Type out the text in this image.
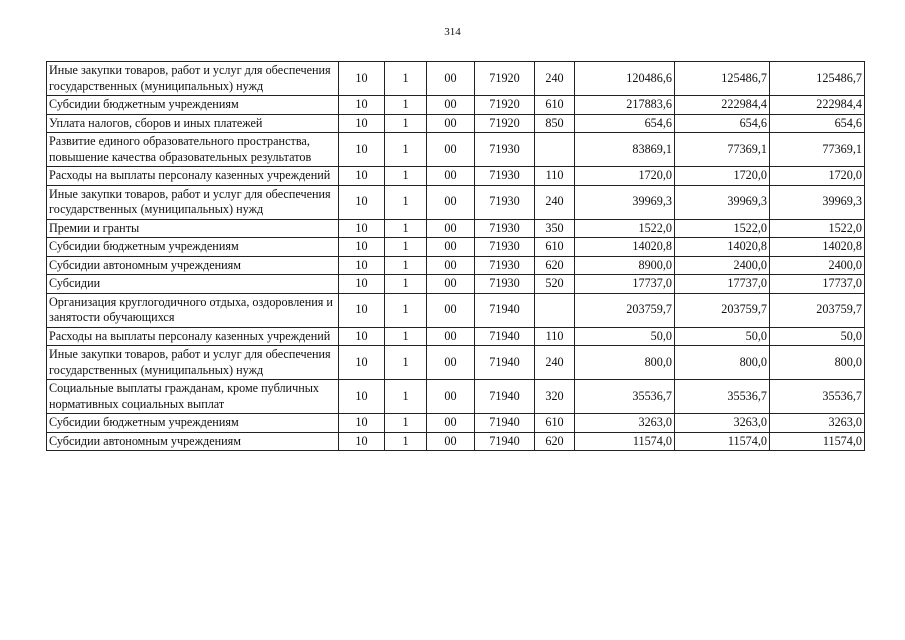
314
Иные закупки товаров, работ и услуг для обеспечения государственных (муниципальных) нужд	10	1	00	71920	240	120486,6	125486,7	125486,7
Субсидии бюджетным учреждениям	10	1	00	71920	610	217883,6	222984,4	222984,4
Уплата налогов, сборов и иных платежей	10	1	00	71920	850	654,6	654,6	654,6
Развитие единого образовательного пространства, повышение качества образовательных результатов	10	1	00	71930		83869,1	77369,1	77369,1
Расходы на выплаты персоналу казенных учреждений	10	1	00	71930	110	1720,0	1720,0	1720,0
Иные закупки товаров, работ и услуг для обеспечения государственных (муниципальных) нужд	10	1	00	71930	240	39969,3	39969,3	39969,3
Премии и гранты	10	1	00	71930	350	1522,0	1522,0	1522,0
Субсидии бюджетным учреждениям	10	1	00	71930	610	14020,8	14020,8	14020,8
Субсидии автономным учреждениям	10	1	00	71930	620	8900,0	2400,0	2400,0
Субсидии	10	1	00	71930	520	17737,0	17737,0	17737,0
Организация круглогодичного отдыха, оздоровления и занятости обучающихся	10	1	00	71940		203759,7	203759,7	203759,7
Расходы на выплаты персоналу казенных учреждений	10	1	00	71940	110	50,0	50,0	50,0
Иные закупки товаров, работ и услуг для обеспечения государственных (муниципальных) нужд	10	1	00	71940	240	800,0	800,0	800,0
Социальные выплаты гражданам, кроме публичных нормативных социальных выплат	10	1	00	71940	320	35536,7	35536,7	35536,7
Субсидии бюджетным учреждениям	10	1	00	71940	610	3263,0	3263,0	3263,0
Субсидии автономным учреждениям	10	1	00	71940	620	11574,0	11574,0	11574,0
